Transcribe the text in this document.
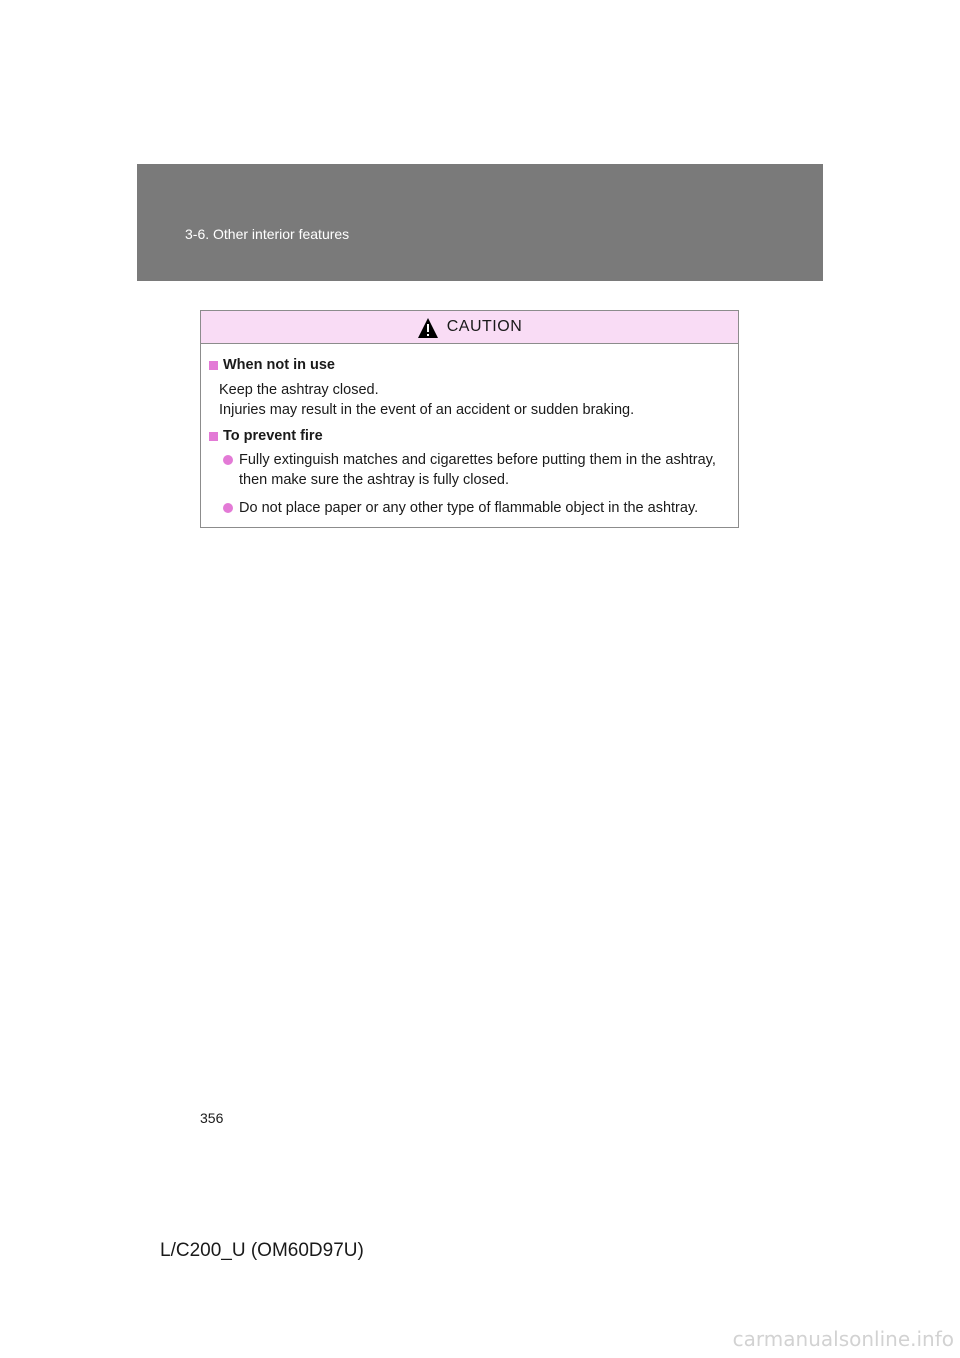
3-6. Other interior features
CAUTION
When not in use
Keep the ashtray closed.
Injuries may result in the event of an accident or sudden braking.
To prevent fire
Fully extinguish matches and cigarettes before putting them in the ashtray, then make sure the ashtray is fully closed.
Do not place paper or any other type of flammable object in the ashtray.
356
L/C200_U (OM60D97U)
carmanualsonline.info
